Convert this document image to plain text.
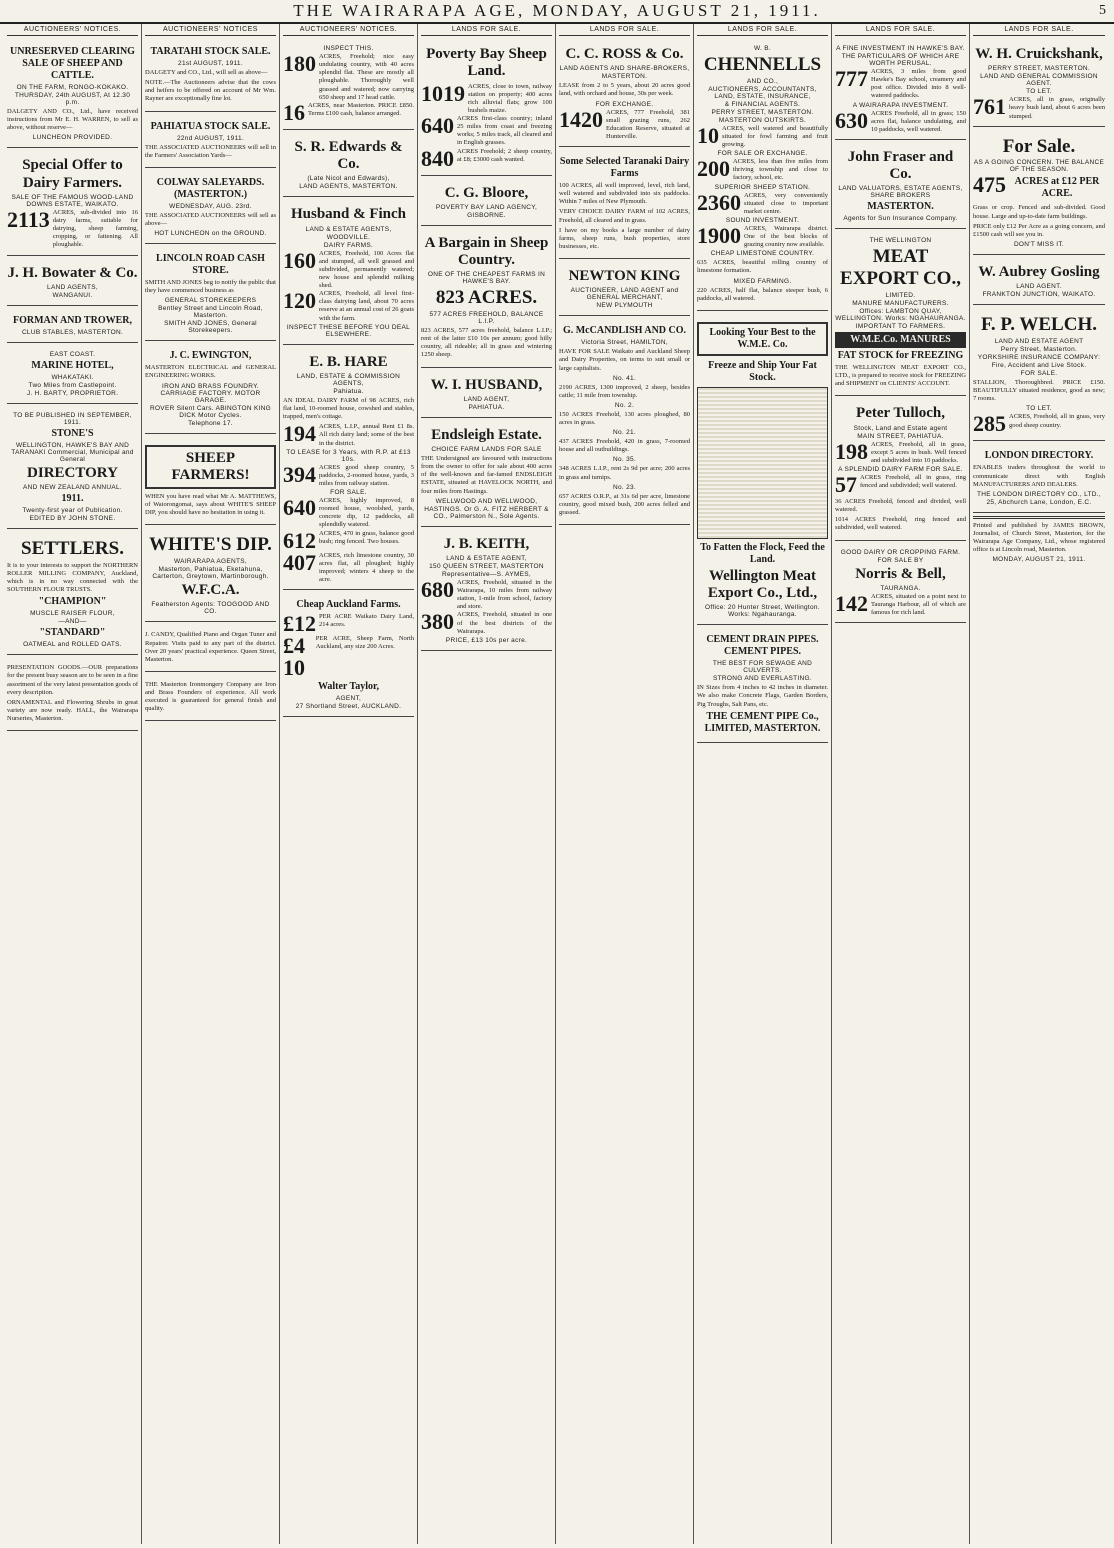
THE WAIRARAPA AGE, MONDAY, AUGUST 21, 1911.	5
AUCTIONEERS' NOTICES.
UNRESERVED CLEARING SALE OF SHEEP AND CATTLE.
ON THE FARM, RONGO-KOKAKO.
THURSDAY, 24th AUGUST, At 12.30 p.m.
DALGETY AND CO., Ltd., have received instructions from Mr E. H. WARREN, to sell as above, without reserve—
LUNCHEON PROVIDED.
Special Offer to Dairy Farmers.
SALE OF THE FAMOUS WOOD-LAND DOWNS ESTATE, WAIKATO.
2113 ACRES, sub-divided into 16 dairy farms, suitable for dairying, sheep farming, cropping, or fattening. All ploughable.
J. H. Bowater & Co.
LAND AGENTS,
WANGANUI.
FORMAN AND TROWER,
CLUB STABLES, MASTERTON.
EAST COAST.
MARINE HOTEL,
WHAKATAKI.
Two Miles from Castlepoint.
J. H. BARTY, PROPRIETOR.
TO BE PUBLISHED IN SEPTEMBER, 1911.
STONE'S
WELLINGTON, HAWKE'S BAY AND TARANAKI Commercial, Municipal and General
DIRECTORY
AND NEW ZEALAND ANNUAL.
1911.
Twenty-first year of Publication.
EDITED BY JOHN STONE.
SETTLERS.
It is to your interests to support the NORTHERN ROLLER MILLING COMPANY, Auckland, which is in no way connected with the SOUTHERN FLOUR TRUSTS.
"CHAMPION"
MUSCLE RAISER FLOUR,
—AND—
"STANDARD"
OATMEAL and ROLLED OATS.
PRESENTATION GOODS.—OUR preparations for the present busy season are to be seen in a fine assortment of the very latest presentation goods of every description.
ORNAMENTAL and Flowering Shrubs in great variety are now ready. HALL, the Wairarapa Nurseries, Masterton.
AUCTIONEERS' NOTICES
TARATAHI STOCK SALE.
21st AUGUST, 1911.
DALGETY and CO., Ltd., will sell as above—
NOTE.—The Auctioneers advise that the cows and heifers to be offered on account of Mr Wm. Rayner are exceptionally fine lot.
PAHIATUA STOCK SALE.
22nd AUGUST, 1911.
THE ASSOCIATED AUCTIONEERS will sell in the Farmers' Association Yards—
COLWAY SALEYARDS. (MASTERTON.)
WEDNESDAY, AUG. 23rd.
THE ASSOCIATED AUCTIONEERS will sell as above—
HOT LUNCHEON on the GROUND.
LINCOLN ROAD CASH STORE.
SMITH AND JONES beg to notify the public that they have commenced business as
GENERAL STOREKEEPERS
Bentley Street and Lincoln Road, Masterton.
SMITH AND JONES, General Storekeepers.
J. C. EWINGTON,
MASTERTON ELECTRICAL and GENERAL ENGINEERING WORKS.
IRON AND BRASS FOUNDRY. CARRIAGE FACTORY. MOTOR GARAGE.
ROVER Silent Cars. ABINGTON KING DICK Motor Cycles.
Telephone 17.
SHEEP FARMERS!
WHEN you have read what Mr A. MATTHEWS, of Waiorongomai, says about WHITE'S SHEEP DIP, you should have no hesitation in using it.
WHITE'S DIP.
WAIRARAPA AGENTS,
Masterton, Pahiatua, Eketahuna, Carterton, Greytown, Martinborough.
W.F.C.A.
Featherston Agents: TOOGOOD AND CO.
J. CANDY, Qualified Piano and Organ Tuner and Repairer. Visits paid to any part of the district. Over 20 years' practical experience. Queen Street, Masterton.
THE Masterton Ironmongery Company are Iron and Brass Founders of experience. All work executed is guaranteed for general finish and quality.
AUCTIONEERS' NOTICES.
INSPECT THIS.
180 ACRES, Freehold; nice easy undulating country, with 40 acres splendid flat. These are mostly all ploughable. Thoroughly well grassed and watered; now carrying 650 sheep and 17 head cattle.
16 ACRES, near Masterton. PRICE £850. Terms £100 cash, balance arranged.
S. R. Edwards & Co.
(Late Nicol and Edwards),
LAND AGENTS, MASTERTON.
Husband & Finch
LAND & ESTATE AGENTS,
WOODVILLE.
DAIRY FARMS.
160 ACRES, Freehold, 100 Acres flat and stumped, all well grassed and subdivided, permanently watered; new house and splendid milking shed.
120 ACRES, Freehold, all level first-class dairying land, about 70 acres reserve at an annual cost of 26 goats with the farm.
INSPECT THESE BEFORE YOU DEAL ELSEWHERE.
E. B. HARE
LAND, ESTATE & COMMISSION AGENTS,
Pahiatua.
AN IDEAL DAIRY FARM of 98 ACRES, rich flat land, 10-roomed house, cowshed and stables, trapped, men's cottage.
194 ACRES, L.I.P., annual Rent £1 8s. All rich dairy land; some of the best in the district.
TO LEASE for 3 Years, with R.P. at £13 10s.
394 ACRES good sheep country, 5 paddocks, 2-roomed house, yards, 3 miles from railway station.
FOR SALE.
640 ACRES, highly improved, 8 roomed house, woolshed, yards, concrete dip, 12 paddocks, all splendidly watered.
612 ACRES, 470 in grass, balance good bush; ring fenced. Two houses.
407 ACRES, rich limestone country, 30 acres flat, all ploughed; highly improved; winters 4 sheep to the acre.
Cheap Auckland Farms.
£12 PER ACRE Waikato Dairy Land, 214 acres.
£4 10
PER ACRE, Sheep Farm, North Auckland, any size 200 Acres.
Walter Taylor,
AGENT,
27 Shortland Street, AUCKLAND.
LANDS FOR SALE.
Poverty Bay Sheep Land.
1019 ACRES, close to town, railway station on property; 400 acres rich alluvial flats; grow 100 bushels maize.
640 ACRES first-class country; inland 25 miles from coast and freezing works; 5 miles track, all cleared and in English grasses.
840 ACRES Freehold; 2 sheep country, at £8; £3000 cash wanted.
C. G. Bloore,
POVERTY BAY LAND AGENCY,
GISBORNE.
A Bargain in Sheep Country.
ONE OF THE CHEAPEST FARMS IN HAWKE'S BAY.
823 ACRES.
577 ACRES FREEHOLD, BALANCE L.I.P.
823 ACRES, 577 acres freehold, balance L.I.P.; rent of the latter £10 10s per annum; good hilly country, all rideable; all in grass and wintering 1250 sheep.
W. I. HUSBAND,
LAND AGENT,
PAHIATUA.
Endsleigh Estate.
CHOICE FARM LANDS FOR SALE
THE Undersigned are favoured with instructions from the owner to offer for sale about 400 acres of the well-known and far-famed ENDSLEIGH ESTATE, situated at HAVELOCK NORTH, and four miles from Hastings.
WELLWOOD AND WELLWOOD,
HASTINGS. Or G. A. FITZ HERBERT & CO., Palmerston N., Sole Agents.
J. B. KEITH,
LAND & ESTATE AGENT,
150 QUEEN STREET, MASTERTON
Representative—S. AYMES,
680 ACRES, Freehold, situated in the Wairarapa, 10 miles from railway station, 1-mile from school, factory and store.
380 ACRES, Freehold, situated in one of the best districts of the Wairarapa.
PRICE, £13 10s per acre.
LANDS FOR SALE.
C. C. ROSS & Co.
LAND AGENTS AND SHARE-BROKERS,
MASTERTON.
LEASE from 2 to 5 years, about 20 acres good land, with orchard and house, 30s per week.
FOR EXCHANGE.
1420 ACRES, 777 Freehold, 381 small grazing runs, 262 Education Reserve, situated at Hunterville.
Some Selected Taranaki Dairy Farms
100 ACRES, all well improved, level, rich land, well watered and subdivided into six paddocks. Within 7 miles of New Plymouth.
VERY CHOICE DAIRY FARM of 102 ACRES, Freehold, all cleared and in grass.
I have on my books a large number of dairy farms, sheep runs, bush properties, store businesses, etc.
NEWTON KING
AUCTIONEER, LAND AGENT and GENERAL MERCHANT,
NEW PLYMOUTH
G. McCANDLISH AND CO.
Victoria Street, HAMILTON,
HAVE FOR SALE Waikato and Auckland Sheep and Dairy Properties, on terms to suit small or large capitalists.
No. 41.
2190 ACRES, 1300 improved, 2 sheep, besides cattle; 11 mile from township.
No. 2.
150 ACRES Freehold, 130 acres ploughed, 80 acres in grass.
No. 21.
437 ACRES Freehold, 420 in grass, 7-roomed house and all outbuildings.
No. 35.
348 ACRES L.I.P., rent 2s 9d per acre; 200 acres in grass and turnips.
No. 23.
657 ACRES O.R.P., at 31s 6d per acre, limestone country, good mixed bush, 200 acres felled and grassed.
LANDS FOR SALE.
W. B.
CHENNELLS
AND CO.,
AUCTIONEERS, ACCOUNTANTS, LAND, ESTATE, INSURANCE,
& FINANCIAL AGENTS.
PERRY STREET, MASTERTON.
MASTERTON OUTSKIRTS.
10 ACRES, well watered and beautifully situated for fowl farming and fruit growing.
FOR SALE OR EXCHANGE.
200 ACRES, less than five miles from thriving township and close to factory, school, etc.
SUPERIOR SHEEP STATION.
2360 ACRES, very conveniently situated close to important market centre.
SOUND INVESTMENT.
1900 ACRES, Wairarapa district. One of the best blocks of grazing country now available.
CHEAP LIMESTONE COUNTRY.
635 ACRES, beautiful rolling country of limestone formation.
MIXED FARMING.
220 ACRES, half flat, balance steeper bush, 6 paddocks, all watered.
Looking Your Best to the W.M.E. Co.
Freeze and Ship Your Fat Stock.
To Fatten the Flock, Feed the Land.
Wellington Meat Export Co., Ltd.,
Office: 20 Hunter Street, Wellington. Works: Ngahauranga.
CEMENT DRAIN PIPES. CEMENT PIPES.
THE BEST FOR SEWAGE AND CULVERTS.
STRONG AND EVERLASTING.
IN Sizes from 4 inches to 42 inches in diameter. We also make Concrete Flags, Garden Borders, Pig Troughs, Salt Pans, etc.
THE CEMENT PIPE Co., LIMITED, MASTERTON.
LANDS FOR SALE.
A FINE INVESTMENT IN HAWKE'S BAY.
THE PARTICULARS OF WHICH ARE WORTH PERUSAL.
777 ACRES, 3 miles from good Hawke's Bay school, creamery and post office. Divided into 8 well-watered paddocks.
A WAIRARAPA INVESTMENT.
630 ACRES Freehold, all in grass; 150 acres flat, balance undulating, and 10 paddocks, well watered.
John Fraser and Co.
LAND VALUATORS, ESTATE AGENTS, SHARE BROKERS
MASTERTON.
Agents for Sun Insurance Company.
THE WELLINGTON
MEAT EXPORT CO.,
LIMITED.
MANURE MANUFACTURERS.
Offices: LAMBTON QUAY, WELLINGTON. Works: NGAHAURANGA.
IMPORTANT TO FARMERS.
W.M.E.Co. MANURES
FAT STOCK for FREEZING
THE WELLINGTON MEAT EXPORT CO., LTD., is prepared to receive stock for FREEZING and SHIPMENT on CLIENTS' ACCOUNT.
Peter Tulloch,
Stock, Land and Estate agent
MAIN STREET, PAHIATUA.
198 ACRES, Freehold, all in grass, except 5 acres in bush. Well fenced and subdivided into 10 paddocks.
A SPLENDID DAIRY FARM FOR SALE.
57 ACRES Freehold, all in grass, ring fenced and subdivided; well watered.
36 ACRES Freehold, fenced and divided, well watered.
1014 ACRES Freehold, ring fenced and subdivided, well watered.
GOOD DAIRY OR CROPPING FARM.
FOR SALE BY
Norris & Bell,
TAURANGA.
142 ACRES, situated on a point next to Tauranga Harbour, all of which are famous for rich land.
LANDS FOR SALE.
W. H. Cruickshank,
PERRY STREET, MASTERTON.
LAND AND GENERAL COMMISSION AGENT.
TO LET.
761 ACRES, all in grass, originally heavy bush land, about 6 acres been stumped.
For Sale.
AS A GOING CONCERN. THE BALANCE OF THE SEASON.
475 ACRES at £12 PER ACRE.
Grass or crop. Fenced and sub-divided. Good house. Large and up-to-date farm buildings.
PRICE only £12 Per Acre as a going concern, and £1500 cash will see you in.
DON'T MISS IT.
W. Aubrey Gosling
LAND AGENT.
FRANKTON JUNCTION, WAIKATO.
F. P. WELCH.
LAND AND ESTATE AGENT
Perry Street, Masterton.
YORKSHIRE INSURANCE COMPANY:
Fire, Accident and Live Stock.
FOR SALE.
STALLION, Thoroughbred. PRICE £150. BEAUTIFULLY situated residence, good as new; 7 rooms.
TO LET.
285 ACRES, Freehold, all in grass, very good sheep country.
LONDON DIRECTORY.
ENABLES traders throughout the world to communicate direct with English MANUFACTURERS AND DEALERS.
THE LONDON DIRECTORY CO., LTD.,
25, Abchurch Lane, London, E.C.
Printed and published by JAMES BROWN, Journalist, of Church Street, Masterton, for the Wairarapa Age Company, Ltd., whose registered office is at Lincoln road, Masterton.
MONDAY, AUGUST 21, 1911.
